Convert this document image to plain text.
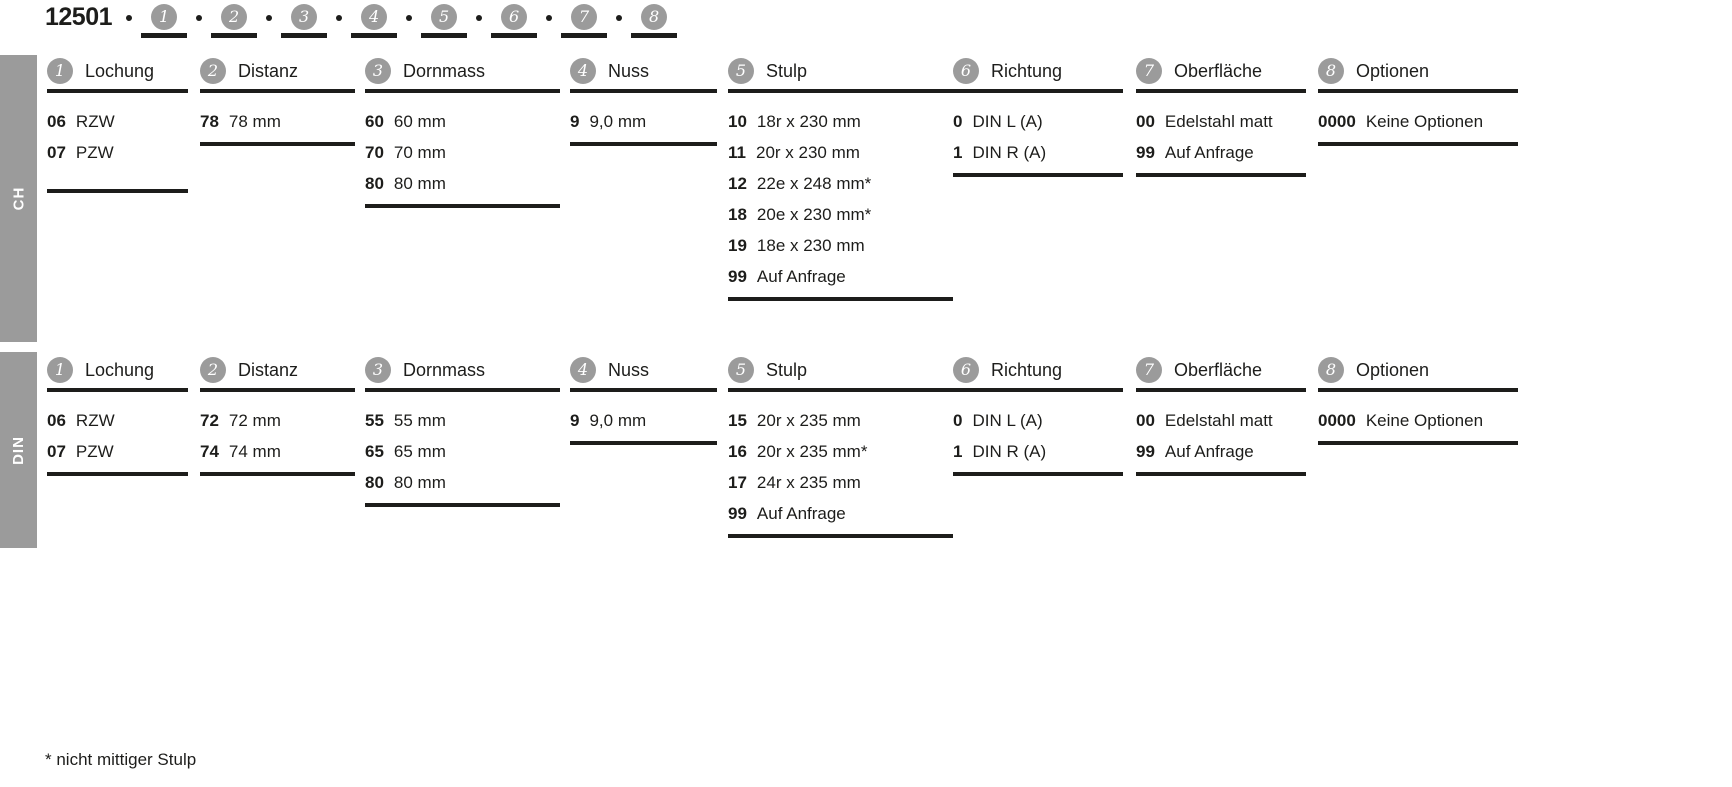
12501	1	2	3	4	5	6	7	8
CH
1	Lochung
06 RZW
07 PZW
2	Distanz
78 78 mm
3	Dornmass
60 60 mm
70 70 mm
80 80 mm
4	Nuss
9 9,0 mm
5	Stulp
10 18r x 230 mm
11 20r x 230 mm
12 22e x 248 mm*
18 20e x 230 mm*
19 18e x 230 mm
99 Auf Anfrage
6	Richtung
0 DIN L (A)
1 DIN R (A)
7	Oberfläche
00 Edelstahl matt
99 Auf Anfrage
8	Optionen
0000 Keine Optionen
DIN
1	Lochung
06 RZW
07 PZW
2	Distanz
72 72 mm
74 74 mm
3	Dornmass
55 55 mm
65 65 mm
80 80 mm
4	Nuss
9 9,0 mm
5	Stulp
15 20r x 235 mm
16 20r x 235 mm*
17 24r x 235 mm
99 Auf Anfrage
6	Richtung
0 DIN L (A)
1 DIN R (A)
7	Oberfläche
00 Edelstahl matt
99 Auf Anfrage
8	Optionen
0000 Keine Optionen
* nicht mittiger Stulp
